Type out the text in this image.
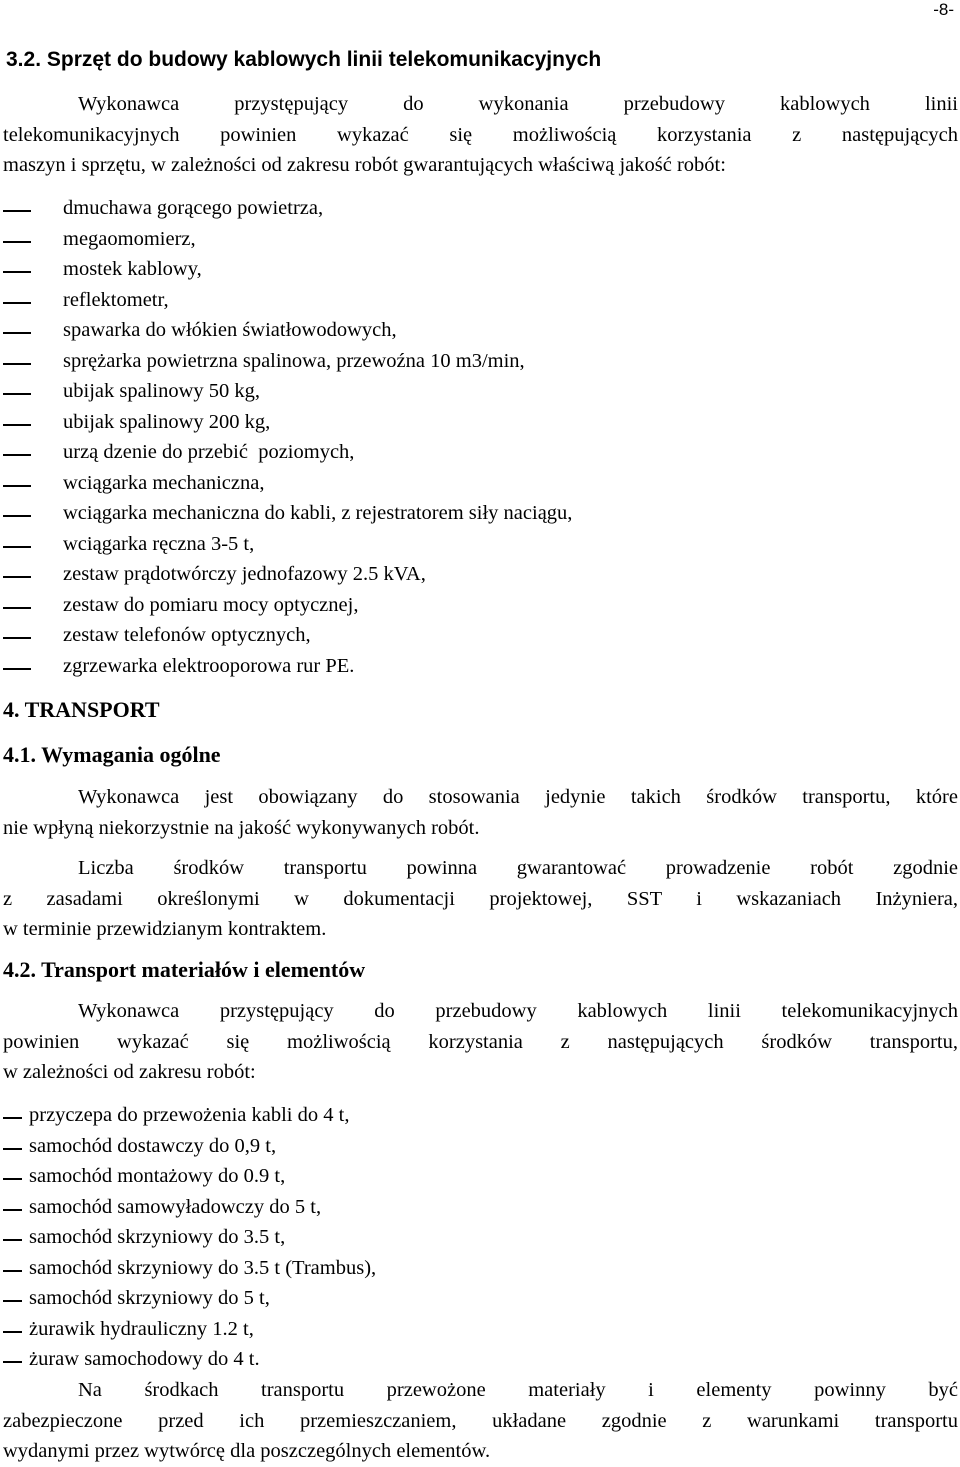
-8-
3.2. Sprzęt do budowy kablowych linii telekomunikacyjnych
Wykonawca przystępujący do wykonania przebudowy kablowych linii
telekomunikacyjnych powinien wykazać się możliwością korzystania z następujących
maszyn i sprzętu, w zależności od zakresu robót gwarantujących właściwą jakość robót:
dmuchawa gorącego powietrza,
megaomomierz,
mostek kablowy,
reflektometr,
spawarka do włókien światłowodowych,
sprężarka powietrzna spalinowa, przewoźna 10 m3/min,
ubijak spalinowy 50 kg,
ubijak spalinowy 200 kg,
urzą dzenie do przebić  poziomych,
wciągarka mechaniczna,
wciągarka mechaniczna do kabli, z rejestratorem siły naciągu,
wciągarka ręczna 3-5 t,
zestaw prądotwórczy jednofazowy 2.5 kVA,
zestaw do pomiaru mocy optycznej,
zestaw telefonów optycznych,
zgrzewarka elektrooporowa rur PE.
4. TRANSPORT
4.1. Wymagania ogólne
Wykonawca jest obowiązany do stosowania jedynie takich środków transportu, które
nie wpłyną niekorzystnie na jakość wykonywanych robót.
Liczba środków transportu powinna gwarantować prowadzenie robót zgodnie
z zasadami określonymi w dokumentacji projektowej, SST i wskazaniach Inżyniera,
w terminie przewidzianym kontraktem.
4.2. Transport materiałów i elementów
Wykonawca przystępujący do przebudowy kablowych linii telekomunikacyjnych
powinien wykazać się możliwością korzystania z następujących środków transportu,
w zależności od zakresu robót:
przyczepa do przewożenia kabli do 4 t,
samochód dostawczy do 0,9 t,
samochód montażowy do 0.9 t,
samochód samowyładowczy do 5 t,
samochód skrzyniowy do 3.5 t,
samochód skrzyniowy do 3.5 t (Trambus),
samochód skrzyniowy do 5 t,
żurawik hydrauliczny 1.2 t,
żuraw samochodowy do 4 t.
Na środkach transportu przewożone materiały i elementy powinny być
zabezpieczone przed ich przemieszczaniem, układane zgodnie z warunkami transportu
wydanymi przez wytwórcę dla poszczególnych elementów.
